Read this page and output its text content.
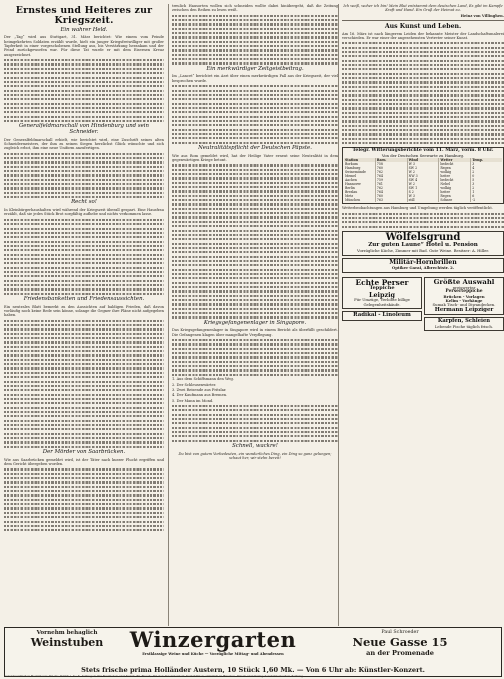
Ernstes und Heiteres zur Kriegszeit.
Ein wahrer Held.

Der „Tag“ wird aus Stuttgart, 31. März berichtet: Wie einem vom Feinde heimgekehrten Soldaten erzählt wurde, hielt ein junger Kriegsfreiwilliger mit großer Tapferkeit in einer vorgeschobenen Stellung aus, bis Verstärkung herankam und der Feind zurückgeworfen war. Für diese Tat wurde er mit dem Eisernen Kreuz ausgezeichnet.

Generalfeldmarschall von Hindenburg und sein Schneider.

Der Generalfeldmarschall erhielt, wie berichtet wird, eine Zuschrift seines alten Schneidermeisters, der ihm zu seinen Siegen herzlichst Glück wünschte und sich zugleich erbot, ihm eine neue Uniform anzufertigen.

Recht so!

In Kleinbürgerhaushalten wird während der Kriegszeit überall gespart. Eine Hausfrau erzählt, daß sie jedes Stück Brot sorgfältig aufhebe und nichts verkommen lasse.

Friedensbanketten und Friedensaussichten.

Ein neutrales Blatt bemerkt zu den Aussichten auf baldigen Frieden, daß davon vorläufig noch keine Rede sein könne, solange die Gegner ihre Pläne nicht aufgegeben haben.

Der Mörder von Saarbrücken.

Wie aus Saarbrücken gemeldet wird, ist der Täter nach kurzer Flucht ergriffen und dem Gericht übergeben worden.

treulich Hausorten wollen sich schneiden wollte dabei hinübergeht, daß die Zeitung zwischen den Reihen zu lesen weiß.

Ein merkwürdiger Zeitgeistbeitrag.

Im „Lancet“ berichtet ein Arzt über einen merkwürdigen Fall aus der Kriegszeit, der viel besprochen wurde.

Neutralitätspflicht der Deutschen Päpste.

Wie aus Rom gemeldet wird, hat der Heilige Vater erneut seine Neutralität in dem gegenwärtigen Kriege betont.

Kriegsgefangenenlager in Singapore.

Das Kriegsgefangenenlager in Singapore wird in einem Bericht als überfüllt geschildert. Die Gefangenen klagen über mangelhafte Verpflegung.

1. Aus dem Schiffsmann den Weg.

2. Der Schleusenwärter.

3. Zwei Reisende aus Fritzlar.

4. Der Kaufmann aus Bremen.

5. Der Mann im Mond.

Schnell, wackre!

Du bist von gutem Vorbedeuten, ein wunderliches Ding, ein Ding so ganz gelungen; schaut her, wir stehn bereit!

Ich weiß, woher ich bin! Mein Blut entstammt dem deutschen Land, Es gibt im Kampfe Kraft und Hand. Ein Gruß der Heimat zu.

Heinz von Villinghen.

Aus Kunst und Leben.

Am 16. März ist nach längerem Leiden der bekannte Meister der Landschaftsmalerei verschieden. Er war einer der angesehensten Vertreter seiner Kunst.

Telegr. Witterungsberichte vom 11. März, vorm. 8 Uhr.
Von der Deutschen Seewarte zu Hamburg.
Station	Baro.	Wind	Wetter	Temp.
Borkum	758	W 3	bedeckt	3
Hamburg	760	SW 2	Regen	4
Swinemünde	762	W 2	wolkig	2
Memel	764	NW 3	heiter	0
Aachen	759	SW 4	bedeckt	5
Hannover	761	W 2	Nebel	3
Berlin	762	SW 1	wolkig	2
Breslau	764	S 2	heiter	1
Metz	760	W 3	Regen	6
München	763	still	Schnee	-2

Wetterbeobachtungen aus Hamburg und Umgebung werden täglich veröffentlicht.

Wölfelsgrund
Zur guten Laune“ Hotel u. Pension
Vorzügliche Küche, Zimmer mit Bad. Gute Weine. Besitzer: A. Hiller.
Militär-Hornbrillen
Optiker Garai, Albrechtstr. 2.
Echte Perser
Teppiche
Leipzig
Für Umzüge, Verlobte billige Gelegenheitskäufe.
Radikal - Linoleum
Größte Auswahl
preiswerter
Perserteppiche
Brücken - Vorlagen
Kelim - Vorhänge
Sumak Tisch- und Diwandecken.
Hermann Leipziger
Karpfen, Schleien
Lebende Fische täglich frisch.
Vornehm behaglich
Weinstuben	Winzergarten
Erstklassige Weine und Küche — Vorzügliche Mittag- und Abendessen
Paul Schroeder
Neue Gasse 15
an der Promenade
Stets frische prima Holländer Austern, 10 Stück 1,60 Mk. — Von 6 Uhr ab: Künstler-Konzert.
Verantwortlicher Redakteur: für die Politik i. V.: K. Schleger; für Feuilleton und Kunst: Fr. Fusch; für den Inseratenteil: Karl Köhler; sämtlich in Breslau. Druck und Verlag der Schlesischen Zeitung.
